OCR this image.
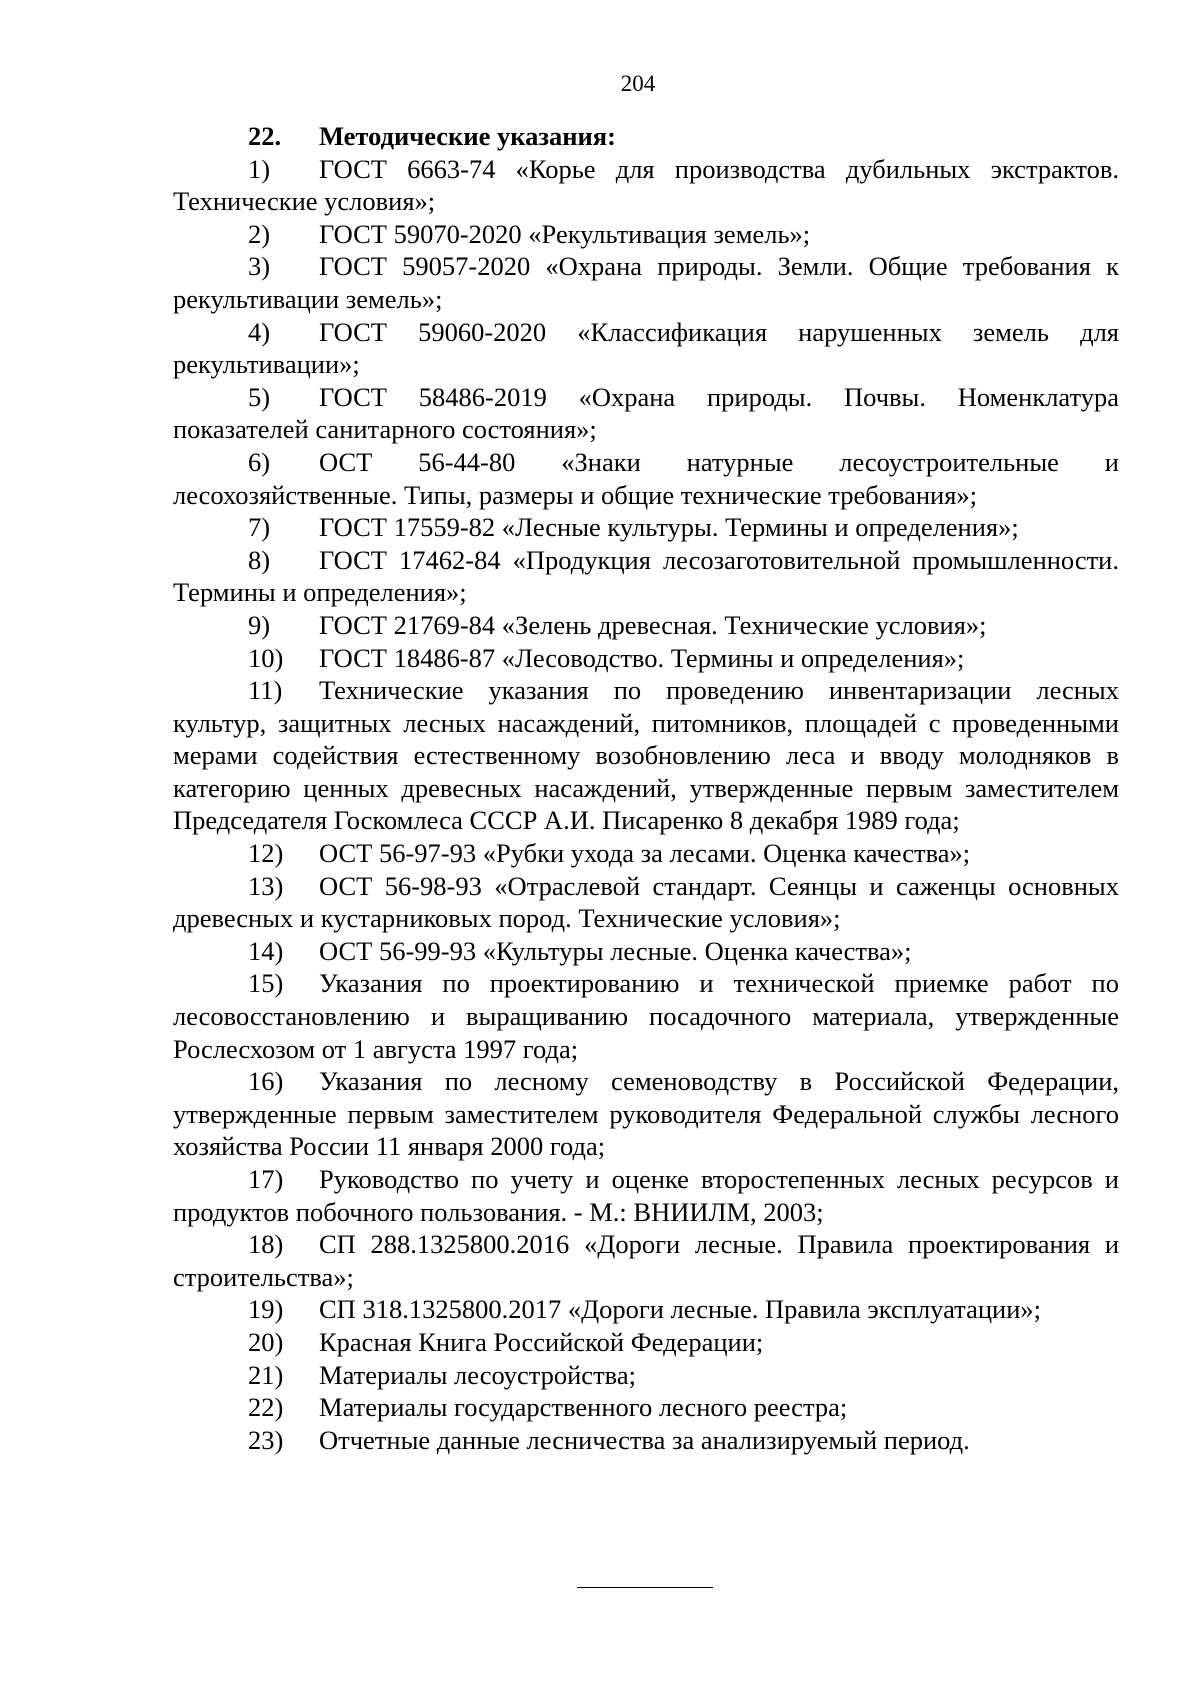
204

22. Методические указания:

1) ГОСТ 6663-74 «Корье для производства дубильных экстрактов. Технические условия»;

2) ГОСТ 59070-2020 «Рекультивация земель»;

3) ГОСТ 59057-2020 «Охрана природы. Земли. Общие требования к рекультивации земель»;

4) ГОСТ 59060-2020 «Классификация нарушенных земель для рекультивации»;

5) ГОСТ 58486-2019 «Охрана природы. Почвы. Номенклатура показателей санитарного состояния»;

6) ОСТ 56-44-80 «Знаки натурные лесоустроительные и лесохозяйственные. Типы, размеры и общие технические требования»;

7) ГОСТ 17559-82 «Лесные культуры. Термины и определения»;

8) ГОСТ 17462-84 «Продукция лесозаготовительной промышленности. Термины и определения»;

9) ГОСТ 21769-84 «Зелень древесная. Технические условия»;

10) ГОСТ 18486-87 «Лесоводство. Термины и определения»;

11) Технические указания по проведению инвентаризации лесных культур, защитных лесных насаждений, питомников, площадей с проведенными мерами содействия естественному возобновлению леса и вводу молодняков в категорию ценных древесных насаждений, утвержденные первым заместителем Председателя Госкомлеса СССР А.И. Писаренко 8 декабря 1989 года;

12) ОСТ 56-97-93 «Рубки ухода за лесами. Оценка качества»;

13) ОСТ 56-98-93 «Отраслевой стандарт. Сеянцы и саженцы основных древесных и кустарниковых пород. Технические условия»;

14) ОСТ 56-99-93 «Культуры лесные. Оценка качества»;

15) Указания по проектированию и технической приемке работ по лесовосстановлению и выращиванию посадочного материала, утвержденные Рослесхозом от 1 августа 1997 года;

16) Указания по лесному семеноводству в Российской Федерации, утвержденные первым заместителем руководителя Федеральной службы лесного хозяйства России 11 января 2000 года;

17) Руководство по учету и оценке второстепенных лесных ресурсов и продуктов побочного пользования. - М.: ВНИИЛМ, 2003;

18) СП 288.1325800.2016 «Дороги лесные. Правила проектирования и строительства»;

19) СП 318.1325800.2017 «Дороги лесные. Правила эксплуатации»;

20) Красная Книга Российской Федерации;

21) Материалы лесоустройства;

22) Материалы государственного лесного реестра;

23) Отчетные данные лесничества за анализируемый период.
